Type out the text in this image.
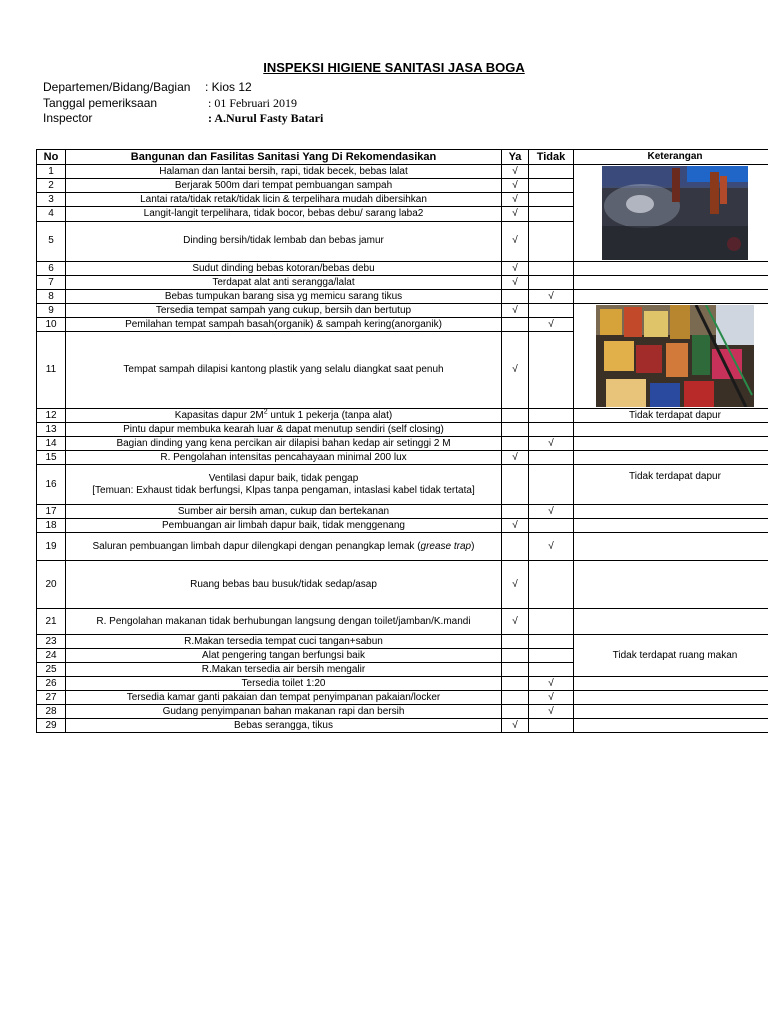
INSPEKSI HIGIENE SANITASI JASA BOGA
Departemen/Bidang/Bagian : Kios 12
Tanggal pemeriksaan	: 01 Februari 2019
Inspector	: A.Nurul Fasty Batari
No	Bangunan dan Fasilitas Sanitasi Yang Di Rekomendasikan	Ya	Tidak	Keterangan
1	Halaman dan lantai bersih, rapi, tidak becek, bebas lalat	√		

2	Berjarak 500m dari tempat pembuangan sampah	√		
3	Lantai rata/tidak retak/tidak licin & terpelihara mudah dibersihkan	√		
4	Langit-langit terpelihara, tidak bocor, bebas debu/ sarang laba2	√		
5	Dinding bersih/tidak lembab dan bebas jamur	√		
6	Sudut dinding bebas kotoran/bebas debu	√		
7	Terdapat alat anti serangga/lalat	√		
8	Bebas tumpukan barang sisa yg memicu sarang tikus		√	
9	Tersedia tempat sampah yang cukup, bersih dan bertutup	√		

10	Pemilahan tempat sampah basah(organik) & sampah kering(anorganik)		√	
11	Tempat sampah dilapisi kantong plastik yang selalu diangkat saat penuh	√		
12	Kapasitas dapur $2M^2$ untuk 1 pekerja (tanpa alat)			Tidak terdapat dapur
13	Pintu dapur membuka kearah luar & dapat menutup sendiri (self closing)			
14	Bagian dinding yang kena percikan air dilapisi bahan kedap air setinggi 2 M		√	
15	R. Pengolahan intensitas pencahayaan minimal 200 lux	√		
16	Ventilasi dapur baik, tidak pengap
[Temuan: Exhaust tidak berfungsi, Klpas tanpa pengaman, intaslasi kabel tidak tertata]			Tidak terdapat dapur
17	Sumber air bersih aman, cukup dan bertekanan		√	
18	Pembuangan air limbah dapur baik, tidak menggenang	√		
19	Saluran pembuangan limbah dapur dilengkapi dengan penangkap lemak (grease trap)		√	
20	Ruang bebas bau busuk/tidak sedap/asap	√		
21	R. Pengolahan makanan tidak berhubungan langsung dengan toilet/jamban/K.mandi	√		
23	R.Makan tersedia tempat cuci tangan+sabun			Tidak terdapat ruang makan
24	Alat pengering tangan berfungsi baik			
25	R.Makan tersedia air bersih mengalir			
26	Tersedia toilet 1:20		√	
27	Tersedia kamar ganti pakaian dan tempat penyimpanan pakaian/locker		√	
28	Gudang penyimpanan bahan makanan rapi dan bersih		√	
29	Bebas serangga, tikus	√		
